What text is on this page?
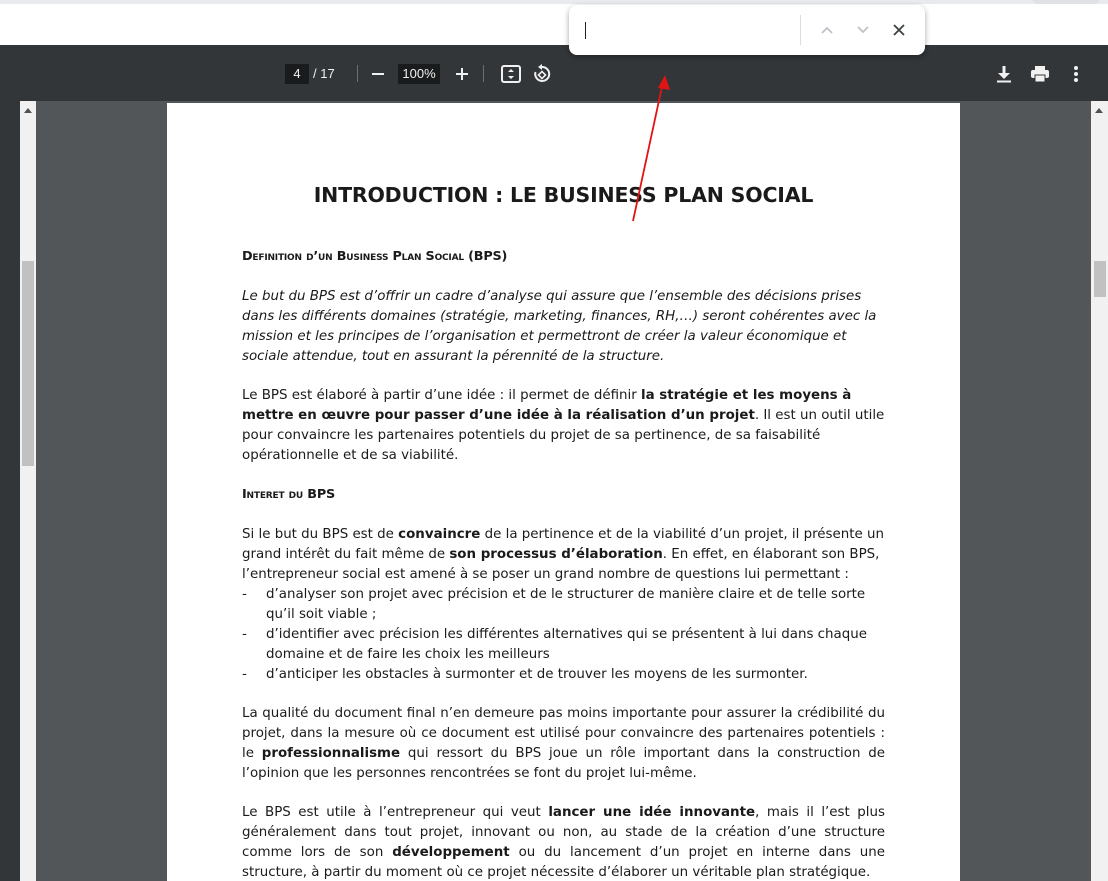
4 / 17	100%
INTRODUCTION : LE BUSINESS PLAN SOCIAL
Definition d’un Business Plan Social (BPS)
Le but du BPS est d’offrir un cadre d’analyse qui assure que l’ensemble des décisions prises dans les différents domaines (stratégie, marketing, finances, RH,…) seront cohérentes avec la mission et les principes de l’organisation et permettront de créer la valeur économique et sociale attendue, tout en assurant la pérennité de la structure.
Le BPS est élaboré à partir d’une idée : il permet de définir la stratégie et les moyens à mettre en œuvre pour passer d’une idée à la réalisation d’un projet. Il est un outil utile pour convaincre les partenaires potentiels du projet de sa pertinence, de sa faisabilité opérationnelle et de sa viabilité.
Interet du BPS
Si le but du BPS est de convaincre de la pertinence et de la viabilité d’un projet, il présente un grand intérêt du fait même de son processus d’élaboration. En effet, en élaborant son BPS, l’entrepreneur social est amené à se poser un grand nombre de questions lui permettant :
- d’analyser son projet avec précision et de le structurer de manière claire et de telle sorte qu’il soit viable ;
- d’identifier avec précision les différentes alternatives qui se présentent à lui dans chaque domaine et de faire les choix les meilleurs
- d’anticiper les obstacles à surmonter et de trouver les moyens de les surmonter.
La qualité du document final n’en demeure pas moins importante pour assurer la crédibilité du projet, dans la mesure où ce document est utilisé pour convaincre des partenaires potentiels : le professionnalisme qui ressort du BPS joue un rôle important dans la construction de l’opinion que les personnes rencontrées se font du projet lui-même.
Le BPS est utile à l’entrepreneur qui veut lancer une idée innovante, mais il l’est plus généralement dans tout projet, innovant ou non, au stade de la création d’une structure comme lors de son développement ou du lancement d’un projet en interne dans une structure, à partir du moment où ce projet nécessite d’élaborer un véritable plan stratégique.
